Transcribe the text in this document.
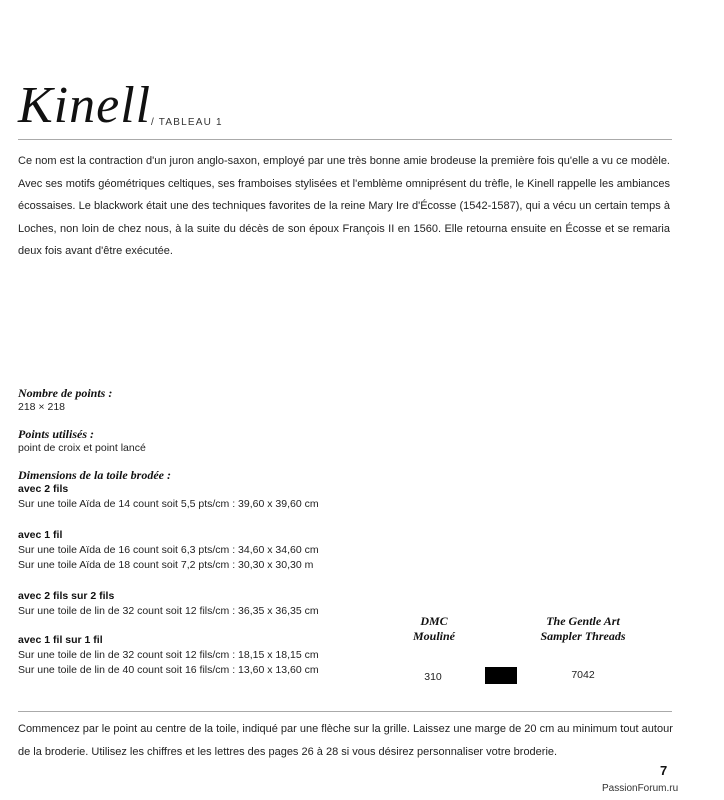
Kinell / TABLEAU 1
Ce nom est la contraction d'un juron anglo-saxon, employé par une très bonne amie brodeuse la première fois qu'elle a vu ce modèle. Avec ses motifs géométriques celtiques, ses framboises stylisées et l'emblème omniprésent du trèfle, le Kinell rappelle les ambiances écossaises. Le blackwork était une des techniques favorites de la reine Mary Ire d'Écosse (1542-1587), qui a vécu un certain temps à Loches, non loin de chez nous, à la suite du décès de son époux François II en 1560. Elle retourna ensuite en Écosse et se remaria deux fois avant d'être exécutée.
Nombre de points :
218 × 218
Points utilisés :
point de croix et point lancé
Dimensions de la toile brodée :
avec 2 fils
Sur une toile Aïda de 14 count soit 5,5 pts/cm : 39,60 x 39,60 cm
avec 1 fil
Sur une toile Aïda de 16 count soit 6,3 pts/cm : 34,60 x 34,60 cm
Sur une toile Aïda de 18 count soit 7,2 pts/cm : 30,30 x 30,30 m
avec 2 fils sur 2 fils
Sur une toile de lin de 32 count soit 12 fils/cm : 36,35 x 36,35 cm
avec 1 fil sur 1 fil
Sur une toile de lin de 32 count soit 12 fils/cm : 18,15 x 18,15 cm
Sur une toile de lin de 40 count soit 16 fils/cm : 13,60 x 13,60 cm
DMC
Mouliné
The Gentle Art
Sampler Threads
310	7042
Commencez par le point au centre de la toile, indiqué par une flèche sur la grille. Laissez une marge de 20 cm au minimum tout autour de la broderie. Utilisez les chiffres et les lettres des pages 26 à 28 si vous désirez personnaliser votre broderie.
7
PassionForum.ru
